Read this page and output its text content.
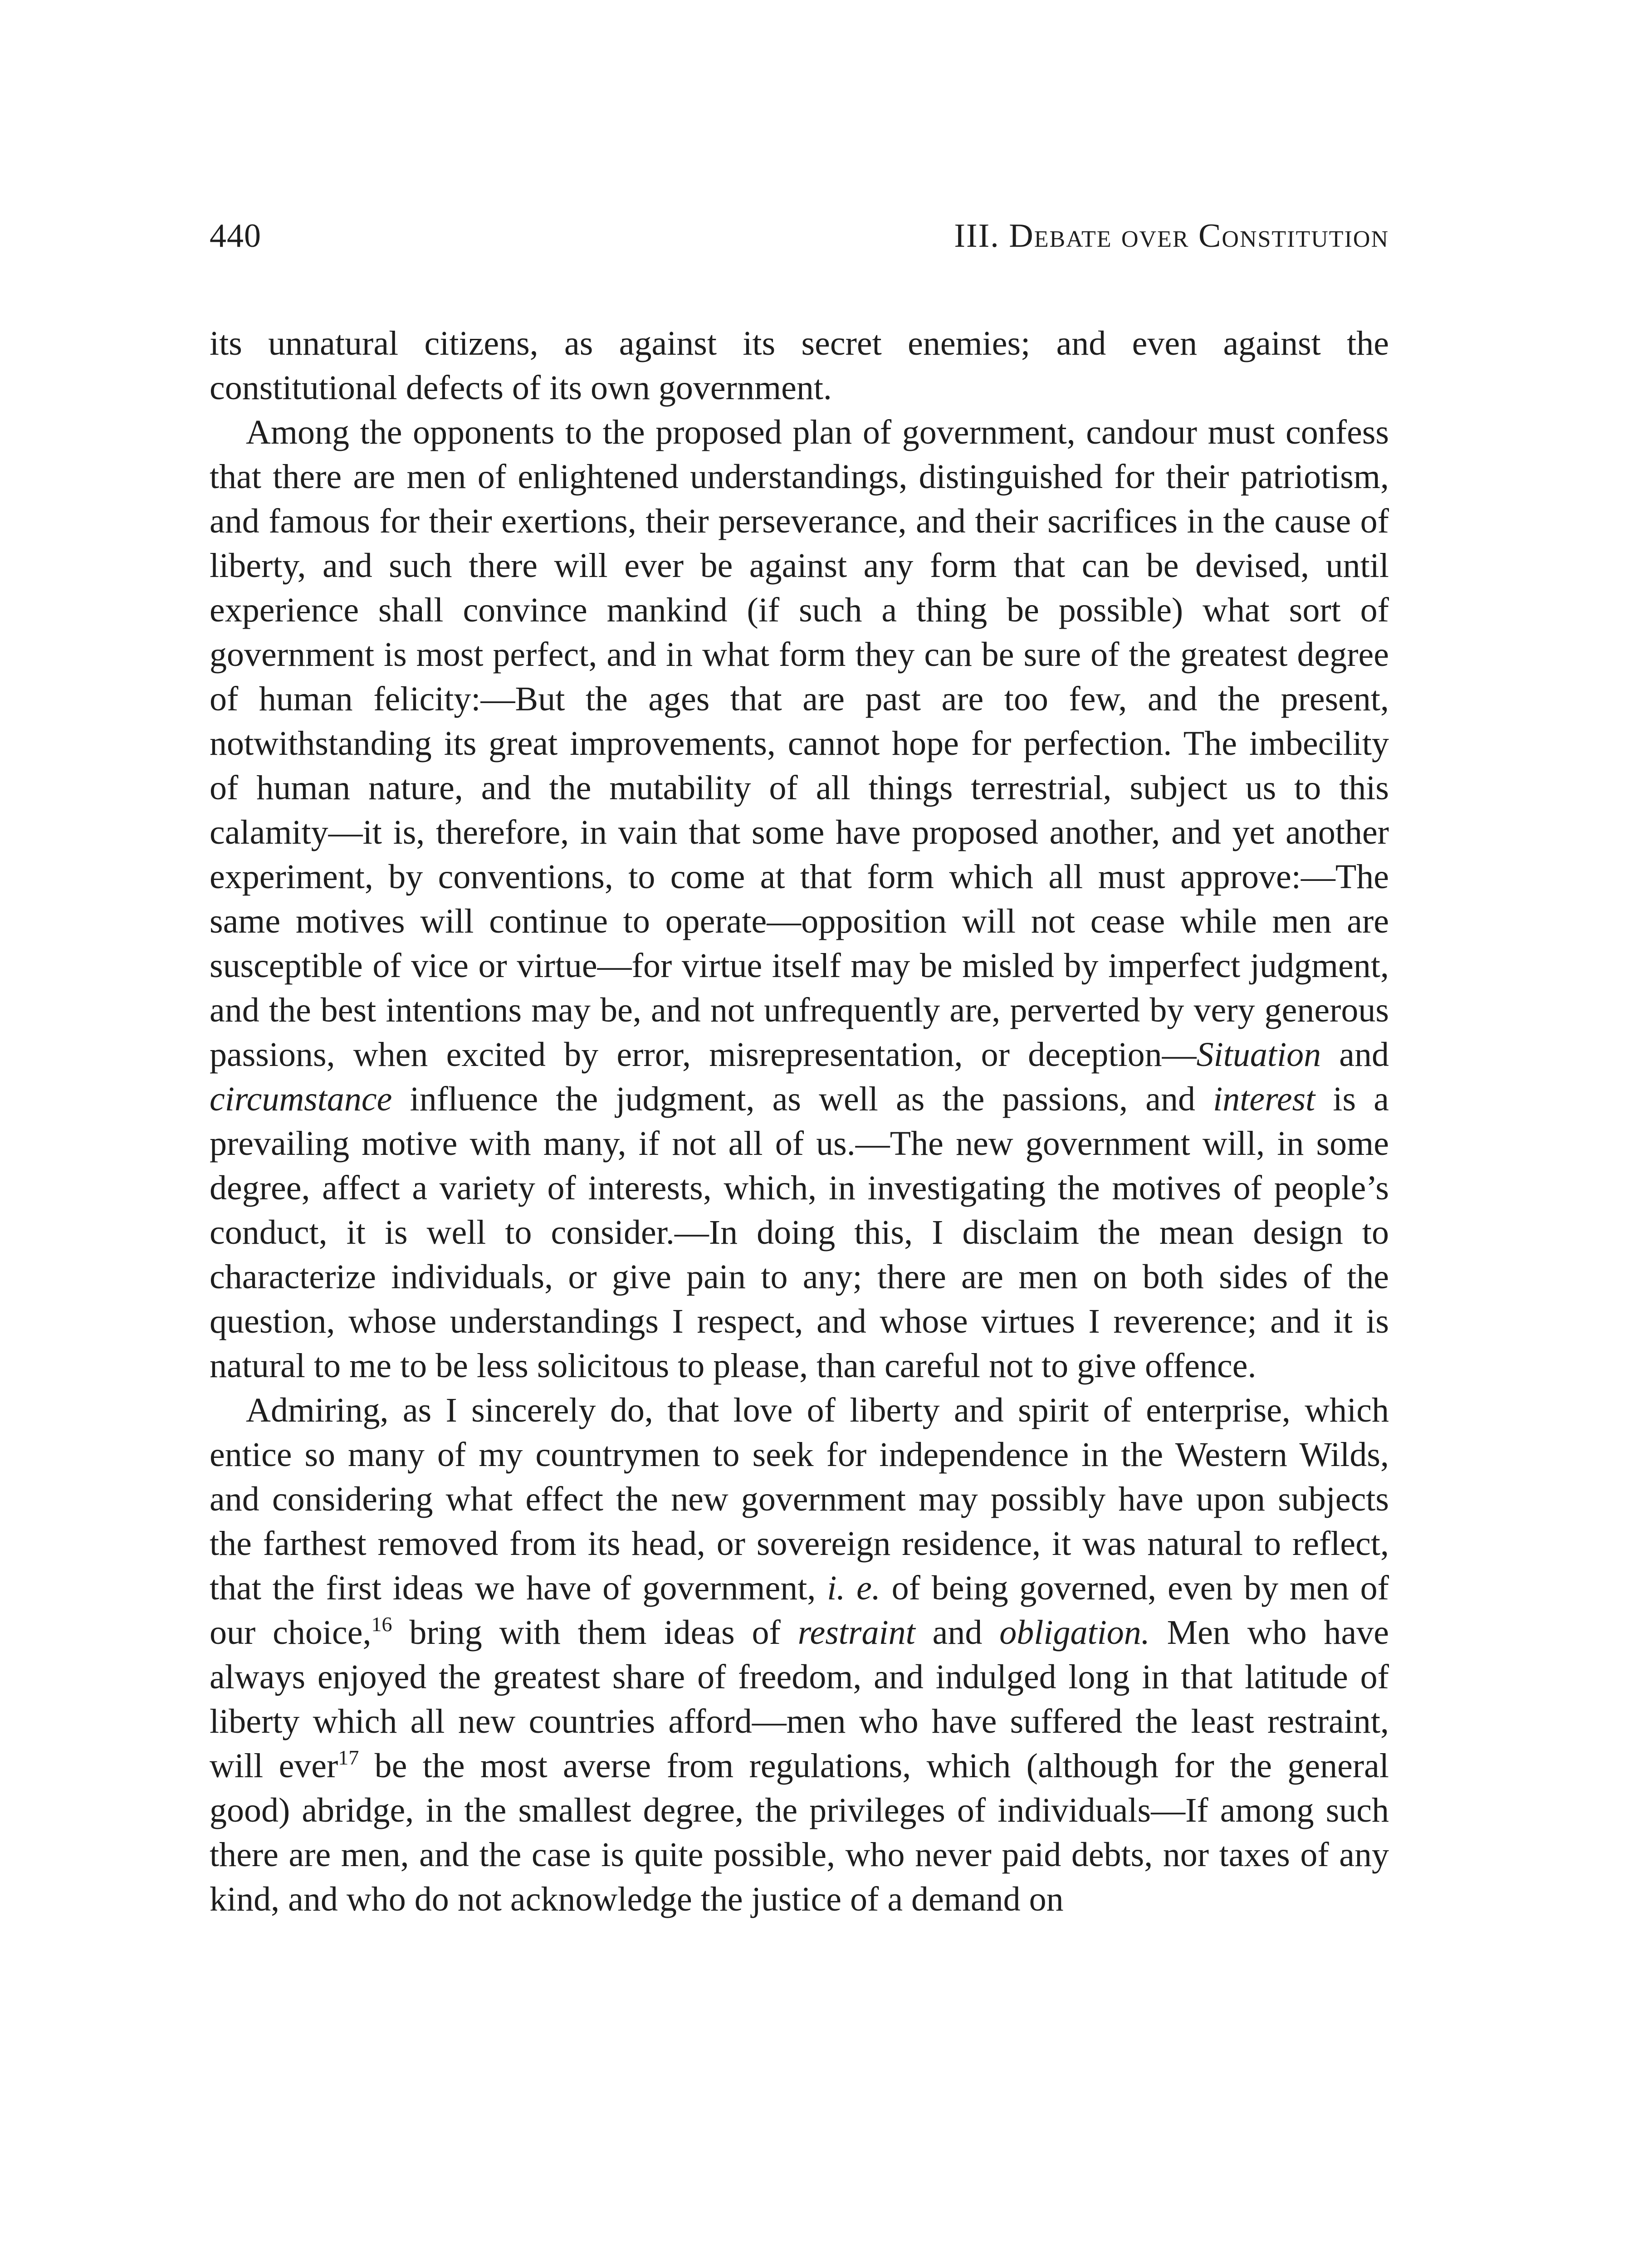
440	III. Debate over Constitution

its unnatural citizens, as against its secret enemies; and even against the constitutional defects of its own government.

Among the opponents to the proposed plan of government, candour must confess that there are men of enlightened understandings, distinguished for their patriotism, and famous for their exertions, their perseverance, and their sacrifices in the cause of liberty, and such there will ever be against any form that can be devised, until experience shall convince mankind (if such a thing be possible) what sort of government is most perfect, and in what form they can be sure of the greatest degree of human felicity:—But the ages that are past are too few, and the present, notwithstanding its great improvements, cannot hope for perfection. The imbecility of human nature, and the mutability of all things terrestrial, subject us to this calamity—it is, therefore, in vain that some have proposed another, and yet another experiment, by conventions, to come at that form which all must approve:—The same motives will continue to operate—opposition will not cease while men are susceptible of vice or virtue—for virtue itself may be misled by imperfect judgment, and the best intentions may be, and not unfrequently are, perverted by very generous passions, when excited by error, misrepresentation, or deception—Situation and circumstance influence the judgment, as well as the passions, and interest is a prevailing motive with many, if not all of us.—The new government will, in some degree, affect a variety of interests, which, in investigating the motives of people’s conduct, it is well to consider.—In doing this, I disclaim the mean design to characterize individuals, or give pain to any; there are men on both sides of the question, whose understandings I respect, and whose virtues I reverence; and it is natural to me to be less solicitous to please, than careful not to give offence.

Admiring, as I sincerely do, that love of liberty and spirit of enterprise, which entice so many of my countrymen to seek for independence in the Western Wilds, and considering what effect the new government may possibly have upon subjects the farthest removed from its head, or sovereign residence, it was natural to reflect, that the first ideas we have of government, i. e. of being governed, even by men of our choice,$^{16}$ bring with them ideas of restraint and obligation. Men who have always enjoyed the greatest share of freedom, and indulged long in that latitude of liberty which all new countries afford—men who have suffered the least restraint, will ever$^{17}$ be the most averse from regulations, which (although for the general good) abridge, in the smallest degree, the privileges of individuals—If among such there are men, and the case is quite possible, who never paid debts, nor taxes of any kind, and who do not acknowledge the justice of a demand on
